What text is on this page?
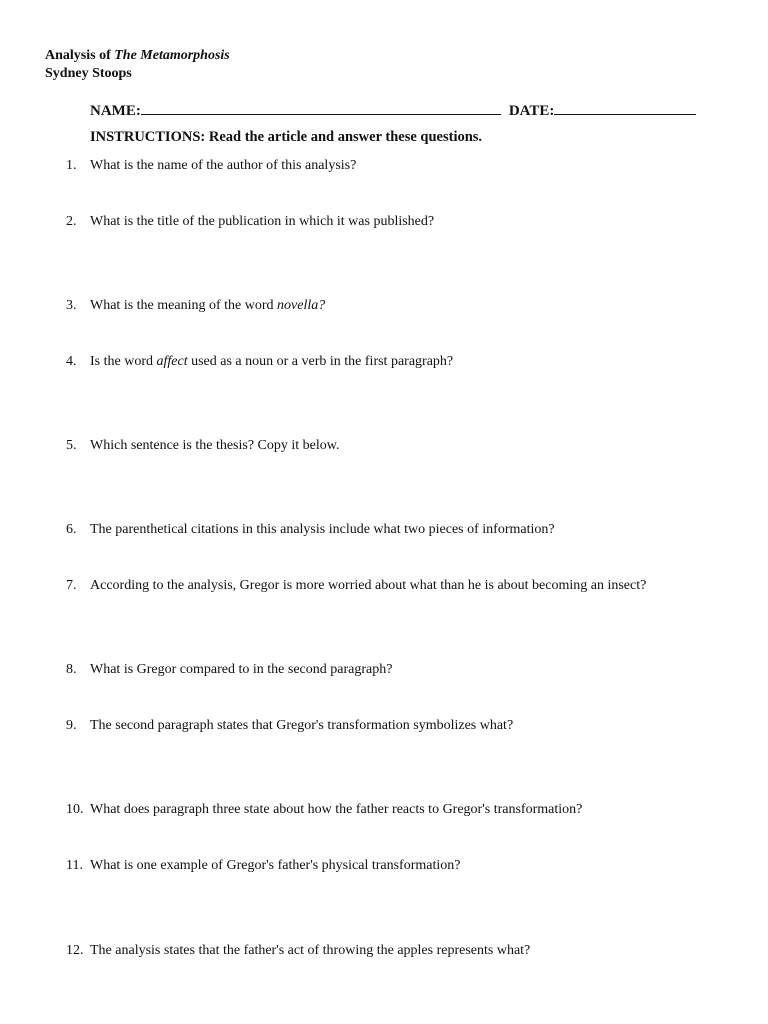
Analysis of The Metamorphosis
Sydney Stoops
NAME:	DATE:
INSTRUCTIONS: Read the article and answer these questions.
1. What is the name of the author of this analysis?
2. What is the title of the publication in which it was published?
3. What is the meaning of the word novella?
4. Is the word affect used as a noun or a verb in the first paragraph?
5. Which sentence is the thesis? Copy it below.
6. The parenthetical citations in this analysis include what two pieces of information?
7. According to the analysis, Gregor is more worried about what than he is about becoming an insect?
8. What is Gregor compared to in the second paragraph?
9. The second paragraph states that Gregor's transformation symbolizes what?
10. What does paragraph three state about how the father reacts to Gregor's transformation?
11. What is one example of Gregor's father's physical transformation?
12. The analysis states that the father's act of throwing the apples represents what?
